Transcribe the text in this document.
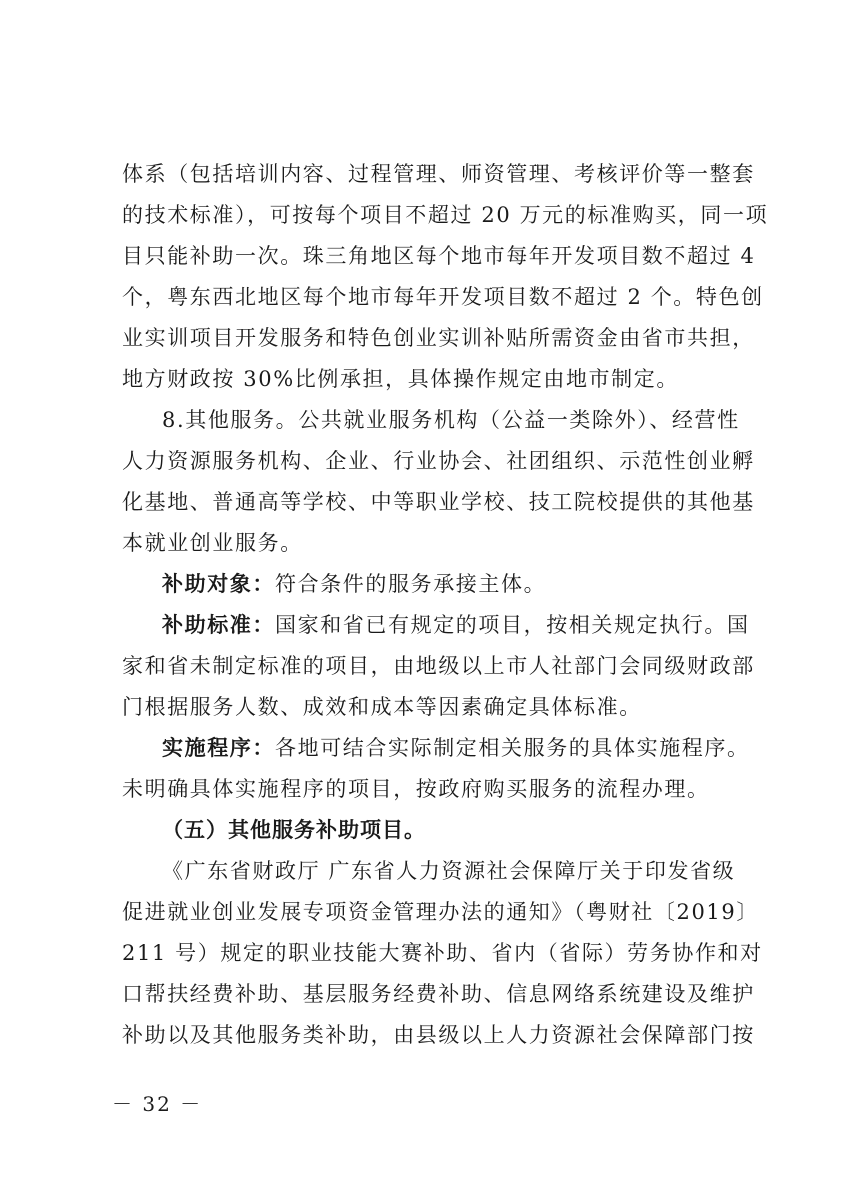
体系（包括培训内容、过程管理、师资管理、考核评价等一整套
的技术标准），可按每个项目不超过 20 万元的标准购买，同一项
目只能补助一次。珠三角地区每个地市每年开发项目数不超过 4
个，粤东西北地区每个地市每年开发项目数不超过 2 个。特色创
业实训项目开发服务和特色创业实训补贴所需资金由省市共担，
地方财政按 30%比例承担，具体操作规定由地市制定。
8.其他服务。公共就业服务机构（公益一类除外）、经营性
人力资源服务机构、企业、行业协会、社团组织、示范性创业孵
化基地、普通高等学校、中等职业学校、技工院校提供的其他基
本就业创业服务。
补助对象：符合条件的服务承接主体。
补助标准：国家和省已有规定的项目，按相关规定执行。国
家和省未制定标准的项目，由地级以上市人社部门会同级财政部
门根据服务人数、成效和成本等因素确定具体标准。
实施程序：各地可结合实际制定相关服务的具体实施程序。
未明确具体实施程序的项目，按政府购买服务的流程办理。
（五）其他服务补助项目。
《广东省财政厅 广东省人力资源社会保障厅关于印发省级
促进就业创业发展专项资金管理办法的通知》（粤财社〔2019〕
211 号）规定的职业技能大赛补助、省内（省际）劳务协作和对
口帮扶经费补助、基层服务经费补助、信息网络系统建设及维护
补助以及其他服务类补助，由县级以上人力资源社会保障部门按
－ 32 －
